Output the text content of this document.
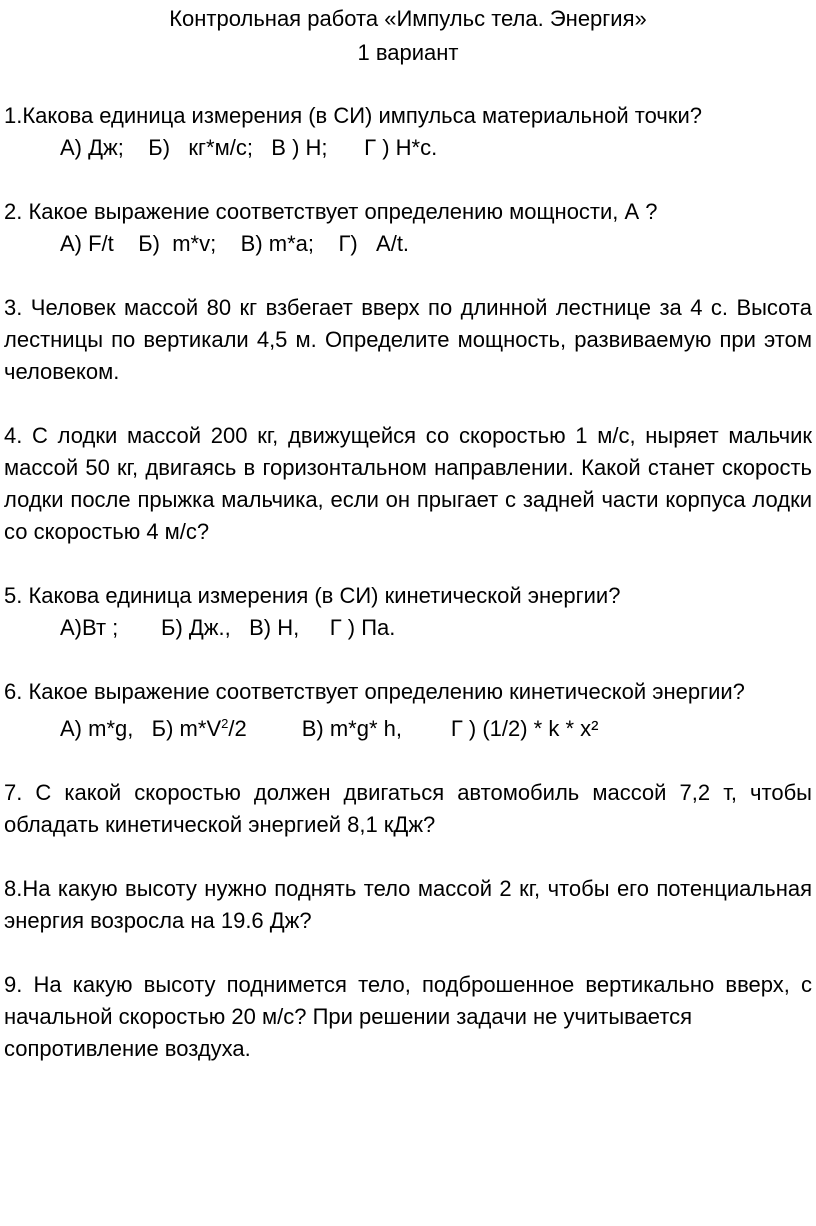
Контрольная работа «Импульс тела. Энергия»
1 вариант
1.Какова единица измерения (в СИ) импульса материальной точки?
А) Дж;    Б)   кг*м/с;   В ) Н;      Г ) Н*с.
2. Какое выражение соответствует определению мощности, А ?
А) F/t    Б)  m*v;    В) m*a;    Г)   A/t.
3. Человек массой 80 кг взбегает вверх по длинной лестнице за 4 с. Высота лестницы по вертикали 4,5 м. Определите мощность, развиваемую при этом человеком.
4. С лодки массой 200 кг, движущейся со скоростью 1 м/с, ныряет мальчик массой 50 кг, двигаясь в горизонтальном направлении. Какой станет скорость лодки после прыжка мальчика, если он прыгает с задней части корпуса лодки со скоростью 4 м/с?
5. Какова единица измерения (в СИ) кинетической энергии?
А)Вт ;       Б) Дж.,   В) Н,     Г ) Па.
6. Какое выражение соответствует определению кинетической энергии?
А) m*g,   Б) $m*V^2/2$         В) m*g* h,        Г ) (1/2) * k * x²
7. С какой скоростью должен двигаться автомобиль массой 7,2 т, чтобы обладать кинетической энергией 8,1 кДж?
8.На какую высоту нужно поднять тело массой 2 кг, чтобы его потенциальная энергия возросла на 19.6 Дж?
9. На какую высоту поднимется тело, подброшенное вертикально вверх, с начальной скоростью 20 м/с? При решении задачи не учитывается
сопротивление воздуха.
